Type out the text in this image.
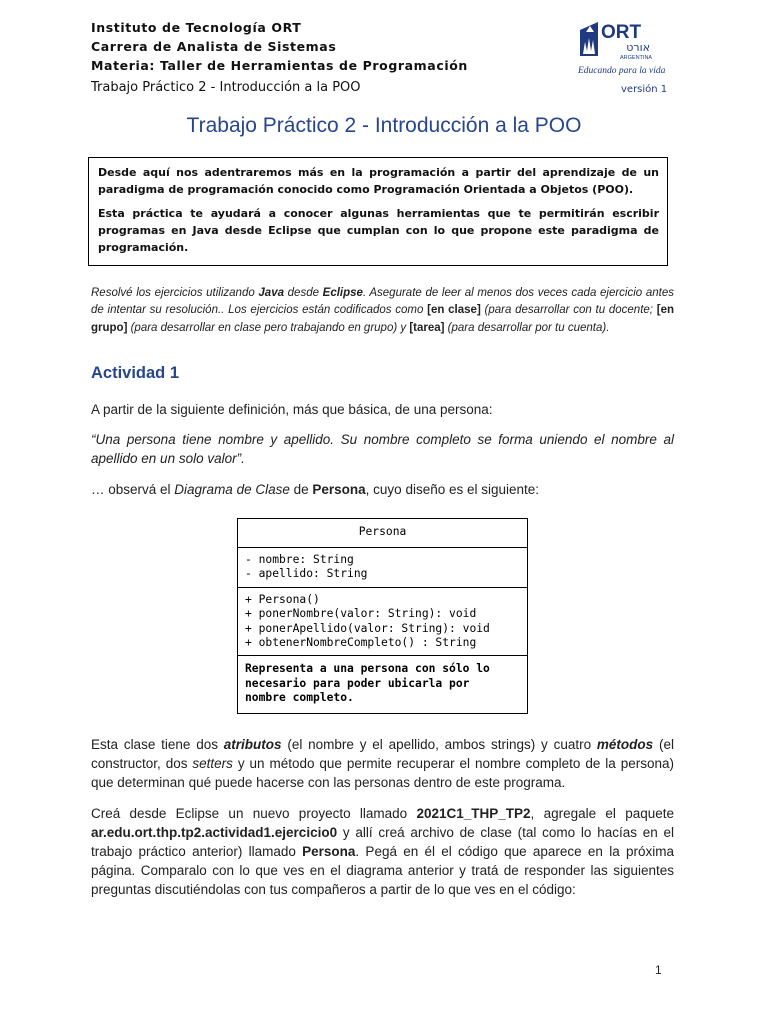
Instituto de Tecnología ORT
Carrera de Analista de Sistemas
Materia: Taller de Herramientas de Programación
Trabajo Práctico 2 - Introducción a la POO	versión 1
ORT
אורט
ARGENTINA
Educando para la vida
Trabajo Práctico 2 - Introducción a la POO

Desde aquí nos adentraremos más en la programación a partir del aprendizaje de un paradigma de programación conocido como Programación Orientada a Objetos (POO).

Esta práctica te ayudará a conocer algunas herramientas que te permitirán escribir programas en Java desde Eclipse que cumplan con lo que propone este paradigma de programación.

Resolvé los ejercicios utilizando Java desde Eclipse. Asegurate de leer al menos dos veces cada ejercicio antes de intentar su resolución.. Los ejercicios están codificados como [en clase] (para desarrollar con tu docente; [en grupo] (para desarrollar en clase pero trabajando en grupo) y [tarea] (para desarrollar por tu cuenta).
Actividad 1
A partir de la siguiente definición, más que básica, de una persona:
“Una persona tiene nombre y apellido. Su nombre completo se forma uniendo el nombre al apellido en un solo valor”.
… observá el Diagrama de Clase de Persona, cuyo diseño es el siguiente:
Persona
- nombre: String
- apellido: String
+ Persona()
+ ponerNombre(valor: String): void
+ ponerApellido(valor: String): void
+ obtenerNombreCompleto() : String
Representa a una persona con sólo lo
necesario para poder ubicarla por
nombre completo.
Esta clase tiene dos atributos (el nombre y el apellido, ambos strings) y cuatro métodos (el constructor, dos setters y un método que permite recuperar el nombre completo de la persona) que determinan qué puede hacerse con las personas dentro de este programa.
Creá desde Eclipse un nuevo proyecto llamado 2021C1_THP_TP2, agregale el paquete ar.edu.ort.thp.tp2.actividad1.ejercicio0 y allí creá archivo de clase (tal como lo hacías en el trabajo práctico anterior) llamado Persona. Pegá en él el código que aparece en la próxima página. Comparalo con lo que ves en el diagrama anterior y tratá de responder las siguientes preguntas discutiéndolas con tus compañeros a partir de lo que ves en el código:
1
